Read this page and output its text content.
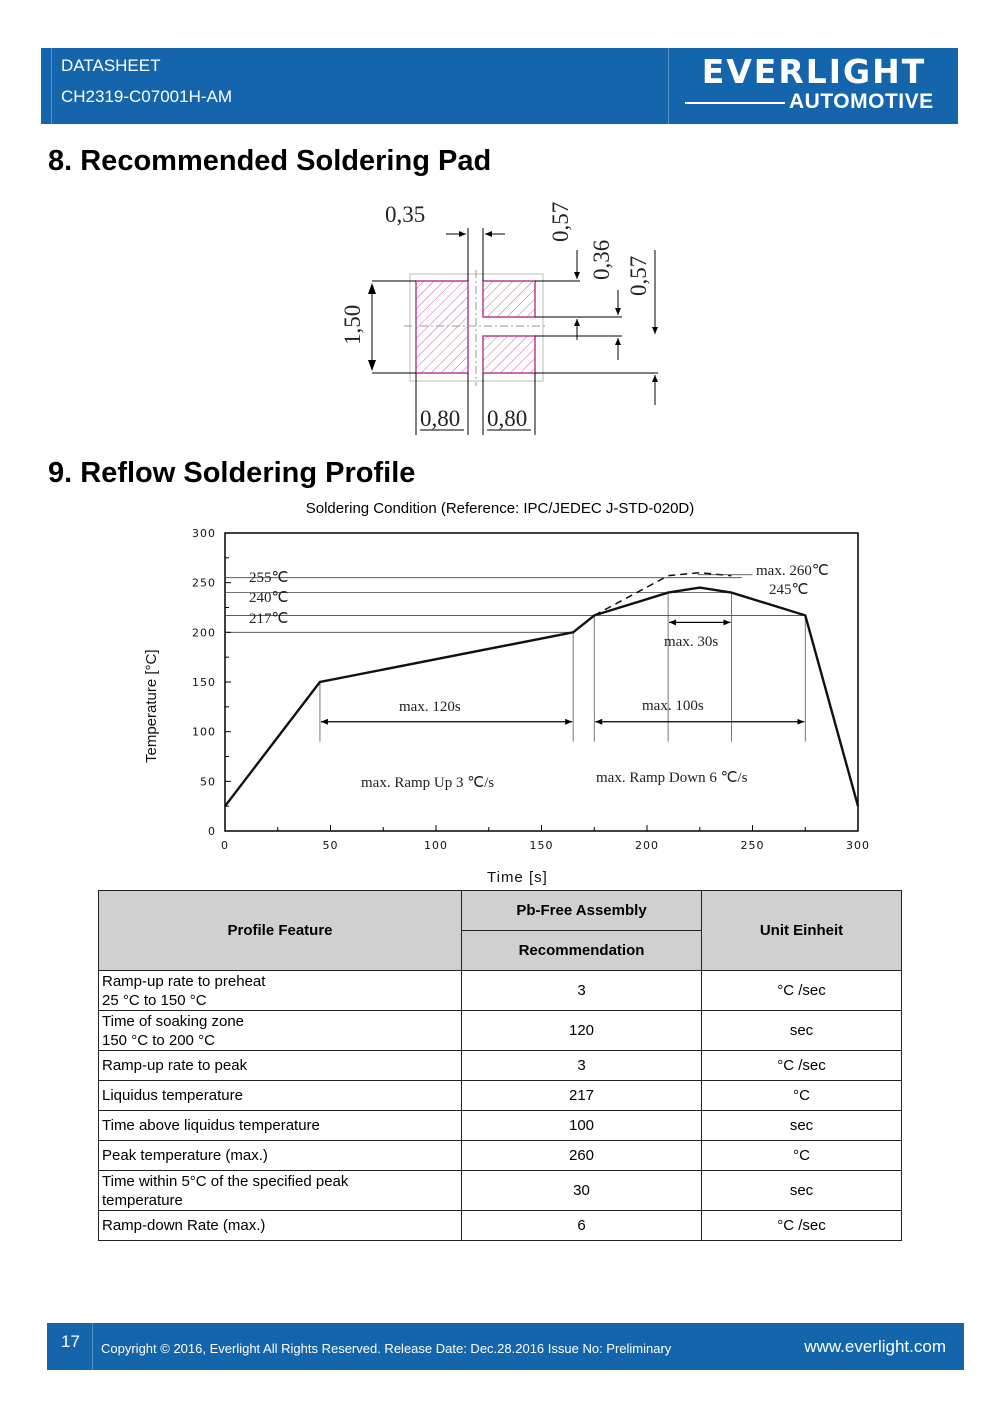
DATASHEET
CH2319-C07001H-AM
EVERLIGHT
AUTOMOTIVE
8. Recommended Soldering Pad
0,35
1,50
0,57
0,36 0,57
0,80 0,80
9. Reflow Soldering Profile
Soldering Condition (Reference: IPC/JEDEC J-STD-020D)
0	50	100	150	200	250	300
0
50
100
150
200
250
300
Temperature [°C]
Time [s]
255℃
240℃
217℃
max. 260℃
245℃
max. 30s
max. 120s	max. 100s
max. Ramp Up 3 ℃/s	max. Ramp Down 6 ℃/s
Profile Feature	Pb-Free Assembly	Unit Einheit
	Recommendation	
Ramp-up rate to preheat
25 °C to 150 °C	3	°C /sec
Time of soaking zone
150 °C to 200 °C	120	sec
Ramp-up rate to peak	3	°C /sec
Liquidus temperature	217	°C
Time above liquidus temperature	100	sec
Peak temperature (max.)	260	°C
Time within 5°C of the specified peak
temperature	30	sec
Ramp-down Rate (max.)	6	°C /sec
17 Copyright © 2016, Everlight All Rights Reserved. Release Date: Dec.28.2016 Issue No: Preliminary	www.everlight.com
